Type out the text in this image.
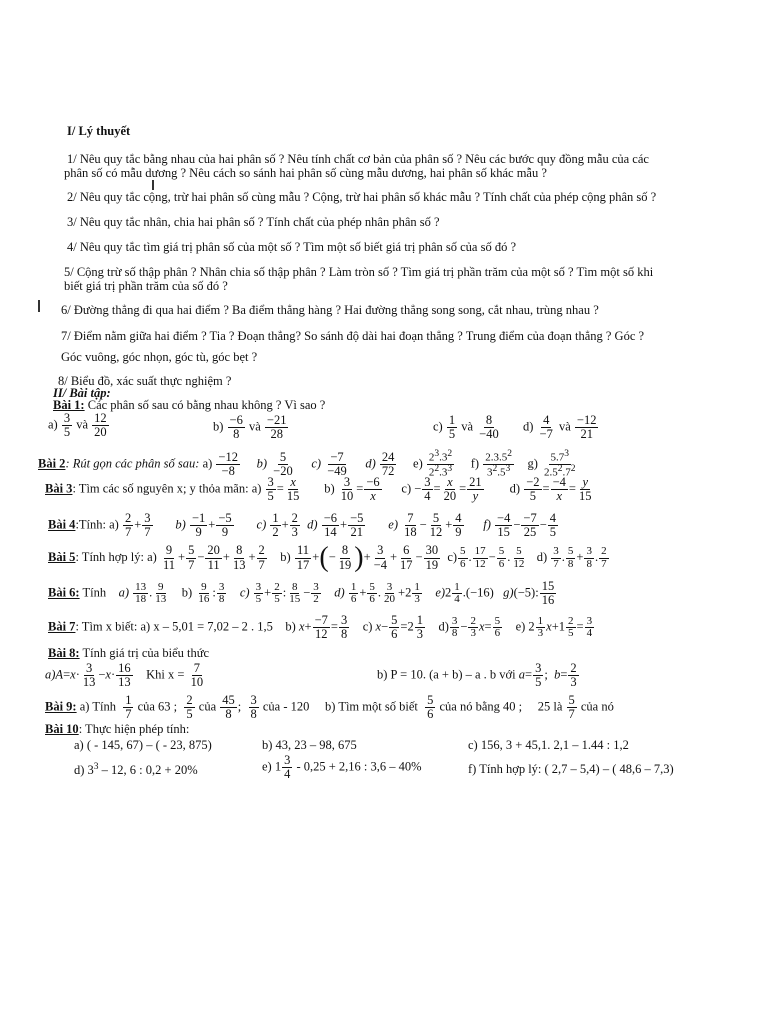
I/ Lý thuyết
1/ Nêu quy tắc bằng nhau của hai phân số ? Nêu tính chất cơ bản của phân số ? Nêu các bước quy đồng mẫu của các
phân số có mẫu dương ? Nêu cách so sánh hai phân số cùng mẫu dương, hai phân số khác mẫu ?
2/ Nêu quy tắc cộng, trừ hai phân số cùng mẫu ? Cộng, trừ hai phân số khác mẫu ? Tính chất của phép cộng phân số ?
3/ Nêu quy tắc nhân, chia hai phân số ? Tính chất của phép nhân phân số ?
4/ Nêu quy tắc tìm giá trị phân số của một số ? Tìm một số biết giá trị phân số của số đó ?
5/ Cộng trừ số thập phân ? Nhân chia số thập phân ? Làm tròn số ? Tìm giá trị phần trăm của một số ? Tìm một số khi
biết giá trị phần trăm của số đó ?
6/ Đường thẳng đi qua hai điểm ? Ba điểm thẳng hàng ? Hai đường thẳng song song, cắt nhau, trùng nhau ?
7/ Điểm nằm giữa hai điểm ? Tia ? Đoạn thẳng? So sánh độ dài hai đoạn thẳng ? Trung điểm của đoạn thẳng ? Góc ?
Góc vuông, góc nhọn, góc tù, góc bẹt ?
8/ Biểu đồ, xác suất thực nghiệm ?
II/ Bài tập:
Bài 1: Các phân số sau có bằng nhau không ? Vì sao ?
$a) \frac{3}{5}$ và $\frac{12}{20}$	$b) \frac{-6}{8}$ và $\frac{-21}{28}$	$c) \frac{1}{5}$ và $\frac{8}{-40} d) \frac{4}{-7}$ và $\frac{-12}{21}$
Bài 2: Rút gọn các phân số sau: $a) \frac{-12}{-8} b) \frac{5}{-20} c) \frac{-7}{-49} d) \frac{24}{72} e) \frac{2^3.3^2}{2^2.3^3} f) \frac{2.3.5^2}{3^2.5^3} g) \frac{5.7^3}{2.5^2.7^2}$
Bài 3: Tìm các số nguyên x; y thỏa mãn: $a) \frac{3}{5} = \frac{x}{15} b) \frac{3}{10} = \frac{-6}{x} c) - \frac{3}{4} = \frac{x}{20} = \frac{21}{y} d) \frac{-2}{5} = \frac{-4}{x} = \frac{y}{15}$
Bài 4:Tính: $a) \frac{2}{7} + \frac{3}{7} b) \frac{-1}{9} + \frac{-5}{9} c) \frac{1}{2} + \frac{2}{3} d) \frac{-6}{14} + \frac{-5}{21} e) \frac{7}{18} - \frac{5}{12} + \frac{4}{9} f) \frac{-4}{15} - \frac{-7}{25} - \frac{4}{5}$
Bài 5: Tính hợp lý: $a) \frac{9}{11} + \frac{5}{7} - \frac{20}{11} + \frac{8}{13} + \frac{2}{7} b) \frac{11}{17}$ +(− $\frac{8}{19}$ )+ $\frac{3}{-4} + \frac{6}{17} - \frac{30}{19} c) \frac{5}{6}$ . $\frac{17}{12} - \frac{5}{6}$ . $\frac{5}{12} d) \frac{3}{7}$ . $\frac{5}{8} + \frac{3}{8}$ . $\frac{2}{7}$
Bài 6: Tính $a) \frac{13}{18}$ . $\frac{9}{13} b) \frac{9}{16}$ : $\frac{3}{8} c) \frac{3}{5} + \frac{2}{5}$ : $\frac{8}{15} - \frac{3}{2} d) \frac{1}{6} + \frac{5}{6}$ . $\frac{3}{20} +2 \frac{1}{3} e)2 \frac{1}{4} .(-16)$   g)(−5): $\frac{15}{16}$
Bài 7: Tìm x biết: a) x – 5,01 = 7,02 – 2 . 1,5 b) $x+ \frac{-7}{12} = \frac{3}{8} c$) $x- \frac{5}{6} =2 \frac{1}{3} d) \frac{3}{8} - \frac{2}{3} x= \frac{5}{6} e$) $2 \frac{1}{3} x+1 \frac{2}{5} = \frac{3}{4}$
Bài 8: Tính giá trị của biểu thức
$a)A=x\cdot \frac{3}{13} -x\cdot \frac{16}{13}$ Khi $x = \frac{7}{10}$	b) P = 10. (a + b) – a . b với $a= \frac{3}{5}$ ;  $b= \frac{2}{3}$
Bài 9: a) Tính $\frac{1}{7}$ của 63 ; $\frac{2}{5}$ của $\frac{45}{8}$ ; $\frac{3}{8}$ của - 120 b) Tìm một số biết $\frac{5}{6}$ của nó bằng 40 ; 25 là $\frac{5}{7}$ của nó
Bài 10: Thực hiện phép tính:
a) ( - 145, 67) – ( - 23, 875)	b) 43, 23 – 98, 675	c) 156, 3 + 45,1. 2,1 – 1.44 : 1,2
d) $3^3 - 12$, 6 : 0,2 + 20%	e) $1 \frac{3}{4} - 0,25 + 2,16$ : 3,6 – 40%	f) Tính hợp lý: ( 2,7 – 5,4) – ( 48,6 – 7,3)
